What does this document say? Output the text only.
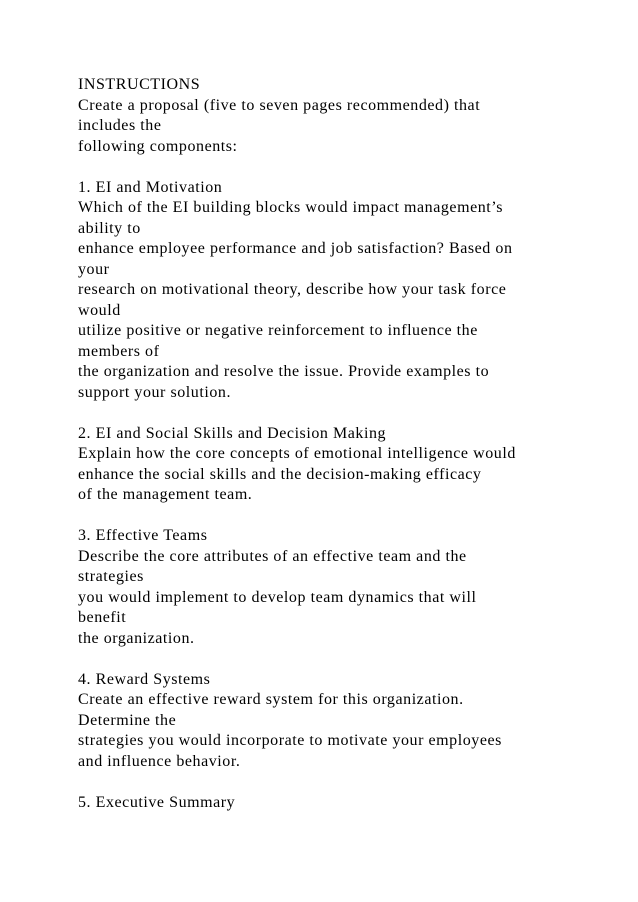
INSTRUCTIONS
Create a proposal (five to seven pages recommended) that
includes the
following components:
1. EI and Motivation
Which of the EI building blocks would impact management’s
ability to
enhance employee performance and job satisfaction? Based on
your
research on motivational theory, describe how your task force
would
utilize positive or negative reinforcement to influence the
members of
the organization and resolve the issue. Provide examples to
support your solution.
2. EI and Social Skills and Decision Making
Explain how the core concepts of emotional intelligence would
enhance the social skills and the decision-making efficacy
of the management team.
3. Effective Teams
Describe the core attributes of an effective team and the
strategies
you would implement to develop team dynamics that will
benefit
the organization.
4. Reward Systems
Create an effective reward system for this organization.
Determine the
strategies you would incorporate to motivate your employees
and influence behavior.
5. Executive Summary
